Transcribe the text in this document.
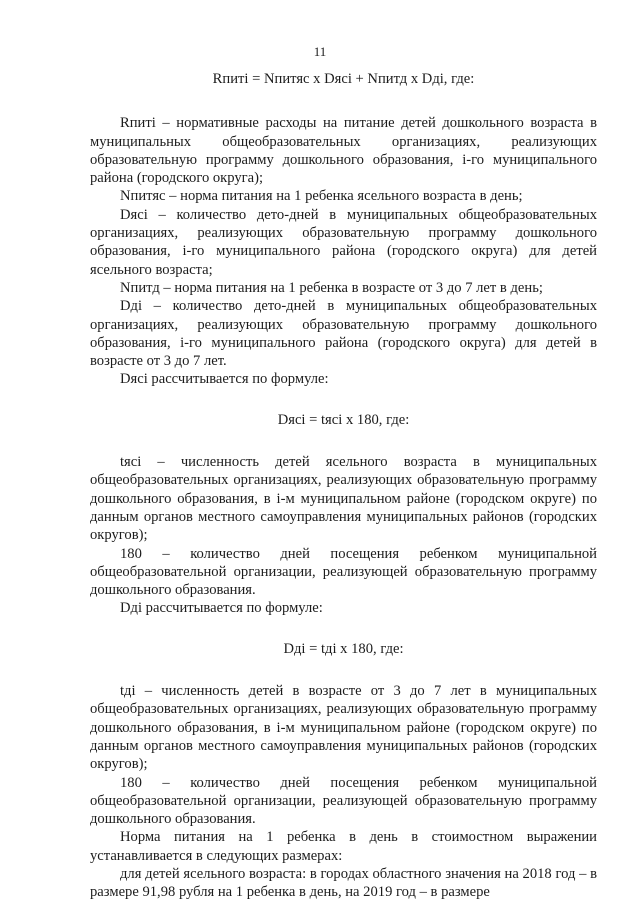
11

Rпиті = Nпитяс x Dясі + Nпитд x Dді, где:

Rпиті – нормативные расходы на питание детей дошкольного возраста в муниципальных общеобразовательных организациях, реализующих образовательную программу дошкольного образования, і-го муниципального района (городского округа);

Nпитяс – норма питания на 1 ребенка ясельного возраста в день;

Dясі – количество дето-дней в муниципальных общеобразовательных организациях, реализующих образовательную программу дошкольного образования, і-го муниципального района (городского округа) для детей ясельного возраста;

Nпитд – норма питания на 1 ребенка в возрасте от 3 до 7 лет в день;

Dді – количество дето-дней в муниципальных общеобразовательных организациях, реализующих образовательную программу дошкольного образования, і-го муниципального района (городского округа) для детей в возрасте от 3 до 7 лет.

Dясі рассчитывается по формуле:

Dясі = tясі x 180, где:

tясі – численность детей ясельного возраста в муниципальных общеобразовательных организациях, реализующих образовательную программу дошкольного образования, в і-м муниципальном районе (городском округе) по данным органов местного самоуправления муниципальных районов (городских округов);

180 – количество дней посещения ребенком муниципальной общеобразовательной организации, реализующей образовательную программу дошкольного образования.

Dді рассчитывается по формуле:

Dді = tді x 180, где:

tді – численность детей в возрасте от 3 до 7 лет в муниципальных общеобразовательных организациях, реализующих образовательную программу дошкольного образования, в і-м муниципальном районе (городском округе) по данным органов местного самоуправления муниципальных районов (городских округов);

180 – количество дней посещения ребенком муниципальной общеобразовательной организации, реализующей образовательную программу дошкольного образования.

Норма питания на 1 ребенка в день в стоимостном выражении устанавливается в следующих размерах:

для детей ясельного возраста: в городах областного значения на 2018 год – в размере 91,98 рубля на 1 ребенка в день, на 2019 год – в размере
